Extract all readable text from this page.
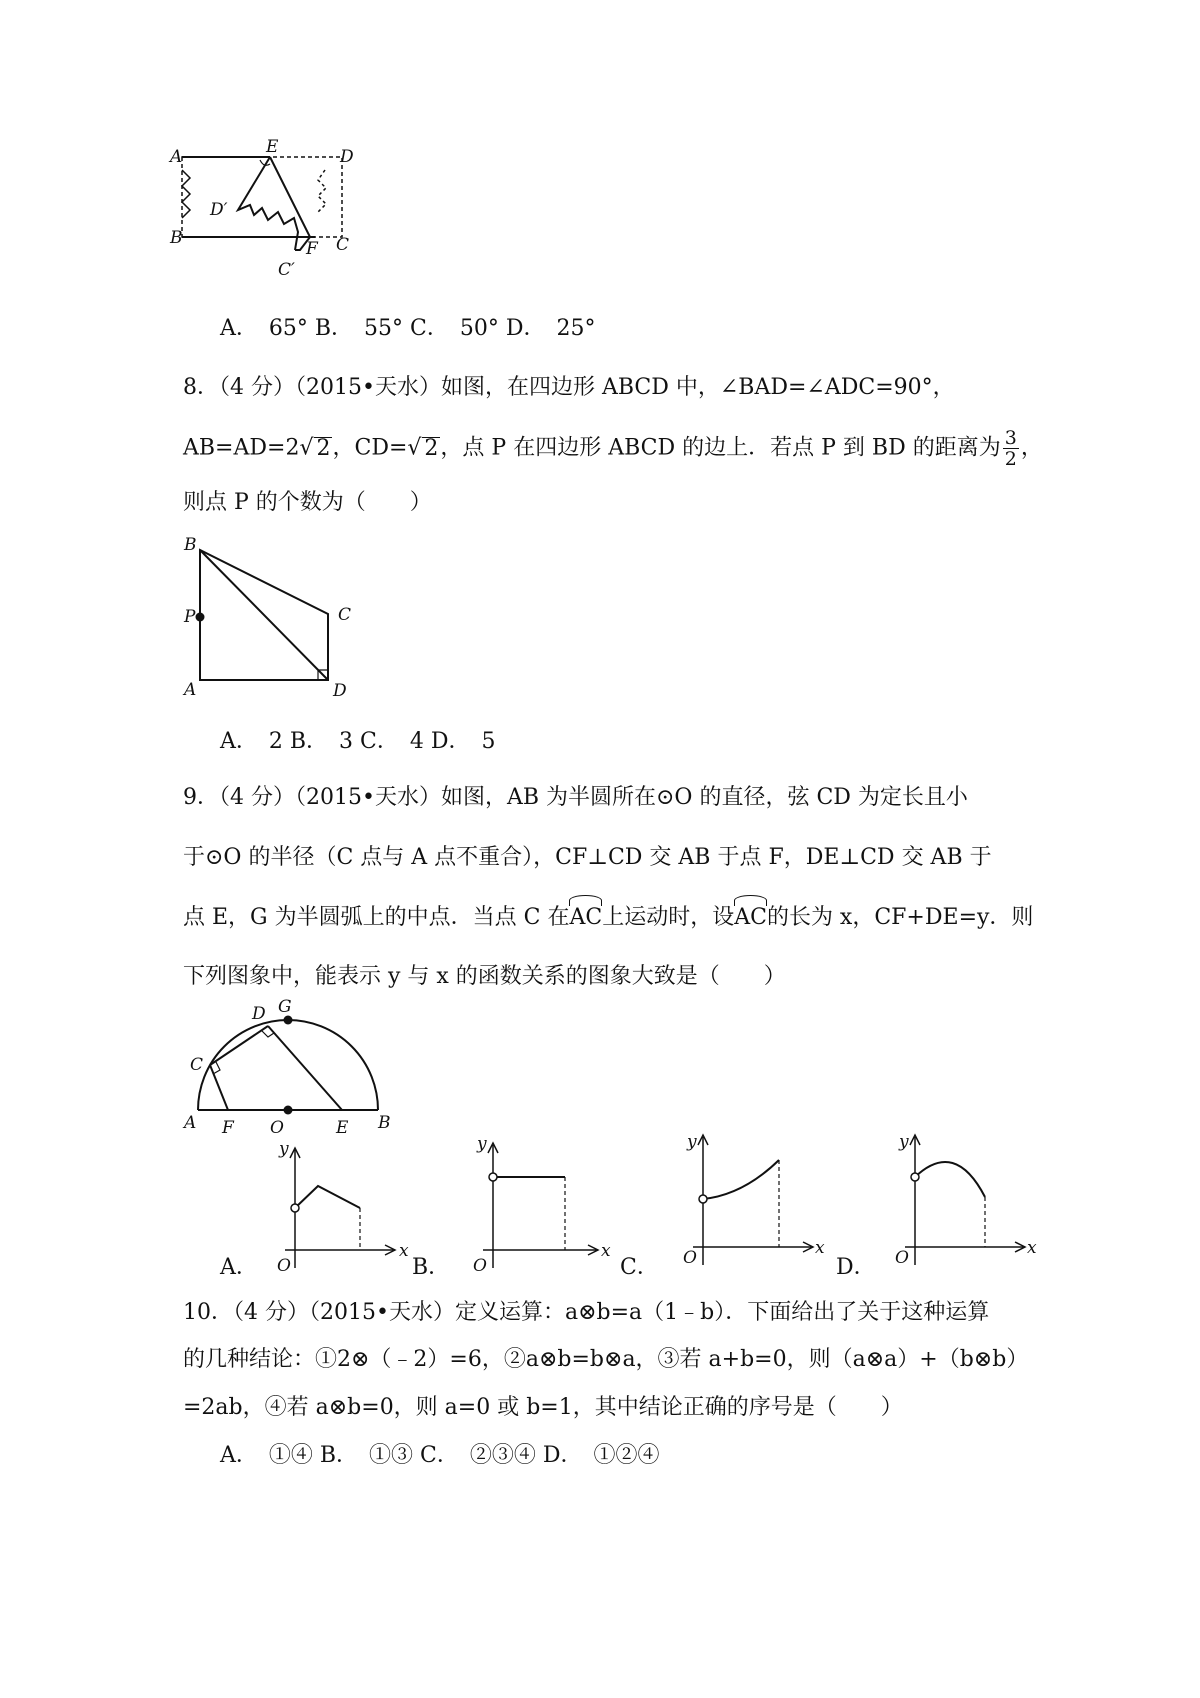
A	E	D
D′
B
F C
C′
A．　65° B．　55° C．　50° D．　25°
8．（4 分）（2015•天水）如图，在四边形 ABCD 中，∠BAD=∠ADC=90°，
AB=AD=2√ 2，CD=√ 2，点 P 在四边形 ABCD 的边上．若点 P 到 BD 的距离为 $\frac{3}{2}$ ，
则点 P 的个数为（　　）
B
P	C
A	D
A．　2 B．　3 C．　4 D．　5
9．（4 分）（2015•天水）如图，AB 为半圆所在⊙O 的直径，弦 CD 为定长且小
于⊙O 的半径（C 点与 A 点不重合），CF⊥CD 交 AB 于点 F，DE⊥CD 交 AB 于
点 E，G 为半圆弧上的中点．当点 C 在AC上运动时，设AC的长为 x，CF+DE=y．则
下列图象中，能表示 y 与 x 的函数关系的图象大致是（　　）
D G
C
A F O	E B
A．
y
x
O	B．
y
x
O	C．
y
x
O	D．
y
x
O
10．（4 分）（2015•天水）定义运算：a⊗b=a（1﹣b）．下面给出了关于这种运算
的几种结论：①2⊗（﹣2）=6，②a⊗b=b⊗a，③若 a+b=0，则（a⊗a）+（b⊗b）
=2ab，④若 a⊗b=0，则 a=0 或 b=1，其中结论正确的序号是（　　）
A．　①④ B．　①③ C．　②③④ D．　①②④
